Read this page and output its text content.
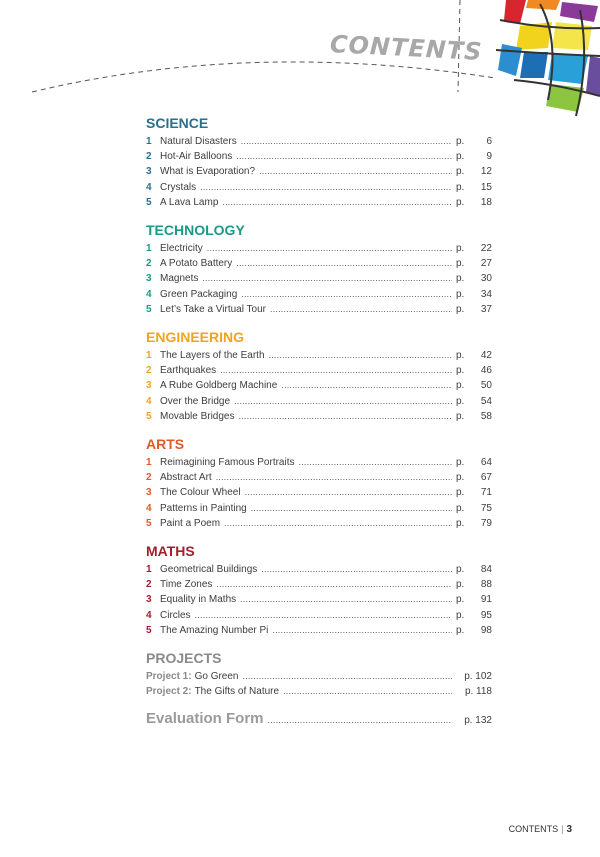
CONTENTS
SCIENCE
1 Natural Disasters .....	p.	6
2 Hot-Air Balloons .....	p.	9
3 What is Evaporation? .....	p.	12
4 Crystals .....	p.	15
5 A Lava Lamp .....	p.	18
TECHNOLOGY
1 Electricity .....	p.	22
2 A Potato Battery .....	p.	27
3 Magnets .....	p.	30
4 Green Packaging .....	p.	34
5 Let’s Take a Virtual Tour .....	p.	37
ENGINEERING
1 The Layers of the Earth .....	p.	42
2 Earthquakes .....	p.	46
3 A Rube Goldberg Machine .....	p.	50
4 Over the Bridge .....	p.	54
5 Movable Bridges .....	p.	58
ARTS
1 Reimagining Famous Portraits .....	p.	64
2 Abstract Art .....	p.	67
3 The Colour Wheel .....	p.	71
4 Patterns in Painting .....	p.	75
5 Paint a Poem .....	p.	79
MATHS
1 Geometrical Buildings .....	p.	84
2 Time Zones .....	p.	88
3 Equality in Maths .....	p.	91
4 Circles .....	p.	95
5 The Amazing Number Pi .....	p.	98
PROJECTS
Project 1: Go Green .....	p. 102
Project 2: The Gifts of Nature .....	p. 118
Evaluation Form .....	p. 132
CONTENTS | 3
